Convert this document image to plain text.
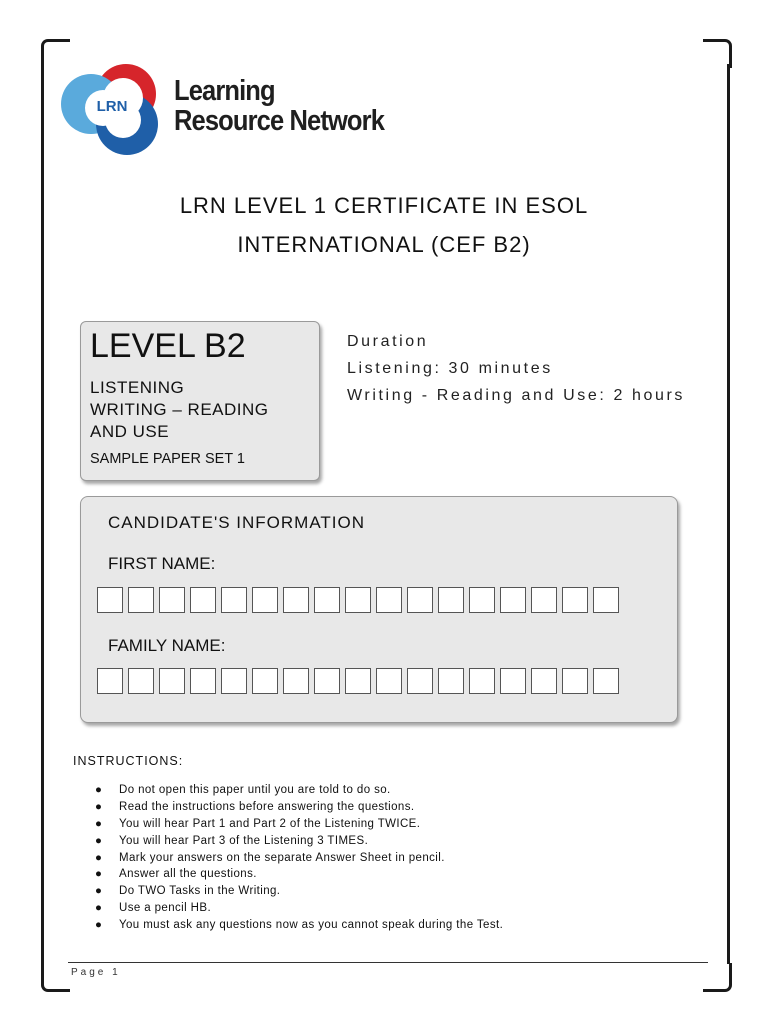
LRN Learning
Resource Network
LRN LEVEL 1 CERTIFICATE IN ESOL
INTERNATIONAL (CEF B2)
LEVEL B2
LISTENING
WRITING – READING
AND USE
SAMPLE PAPER SET 1
Duration
Listening: 30 minutes
Writing - Reading and Use: 2 hours
CANDIDATE'S INFORMATION
FIRST NAME:
FAMILY NAME:
INSTRUCTIONS:
● Do not open this paper until you are told to do so.
● Read the instructions before answering the questions.
● You will hear Part 1 and Part 2 of the Listening TWICE.
● You will hear Part 3 of the Listening 3 TIMES.
● Mark your answers on the separate Answer Sheet in pencil.
● Answer all the questions.
● Do TWO Tasks in the Writing.
● Use a pencil HB.
● You must ask any questions now as you cannot speak during the Test.
Page 1
